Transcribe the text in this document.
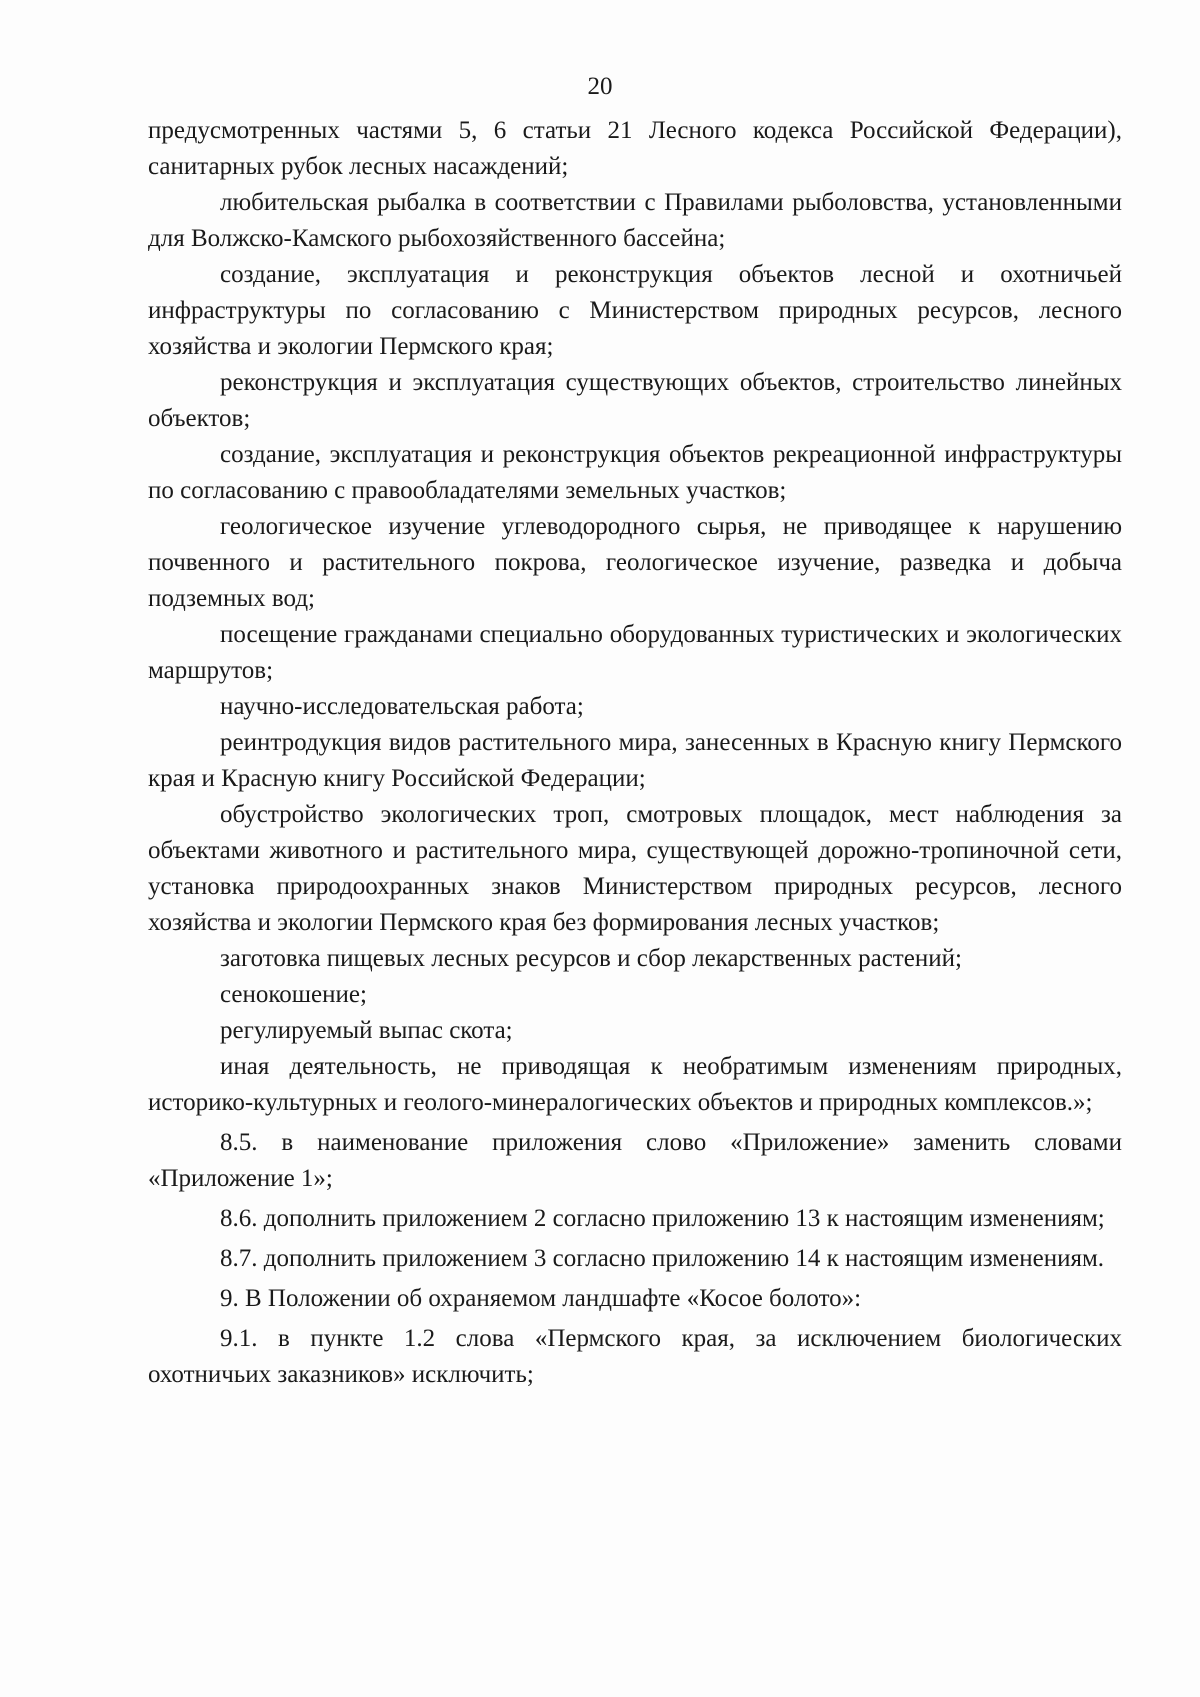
20

предусмотренных частями 5, 6 статьи 21 Лесного кодекса Российской Федерации), санитарных рубок лесных насаждений;

любительская рыбалка в соответствии с Правилами рыболовства, установленными для Волжско-Камского рыбохозяйственного бассейна;

создание, эксплуатация и реконструкция объектов лесной и охотничьей инфраструктуры по согласованию с Министерством природных ресурсов, лесного хозяйства и экологии Пермского края;

реконструкция и эксплуатация существующих объектов, строительство линейных объектов;

создание, эксплуатация и реконструкция объектов рекреационной инфраструктуры по согласованию с правообладателями земельных участков;

геологическое изучение углеводородного сырья, не приводящее к нарушению почвенного и растительного покрова, геологическое изучение, разведка и добыча подземных вод;

посещение гражданами специально оборудованных туристических и экологических маршрутов;

научно-исследовательская работа;

реинтродукция видов растительного мира, занесенных в Красную книгу Пермского края и Красную книгу Российской Федерации;

обустройство экологических троп, смотровых площадок, мест наблюдения за объектами животного и растительного мира, существующей дорожно-тропиночной сети, установка природоохранных знаков Министерством природных ресурсов, лесного хозяйства и экологии Пермского края без формирования лесных участков;

заготовка пищевых лесных ресурсов и сбор лекарственных растений;

сенокошение;

регулируемый выпас скота;

иная деятельность, не приводящая к необратимым изменениям природных, историко-культурных и геолого-минералогических объектов и природных комплексов.»;

8.5. в наименование приложения слово «Приложение» заменить словами «Приложение 1»;

8.6. дополнить приложением 2 согласно приложению 13 к настоящим изменениям;

8.7. дополнить приложением 3 согласно приложению 14 к настоящим изменениям.

9. В Положении об охраняемом ландшафте «Косое болото»:

9.1. в пункте 1.2 слова «Пермского края, за исключением биологических охотничьих заказников» исключить;
